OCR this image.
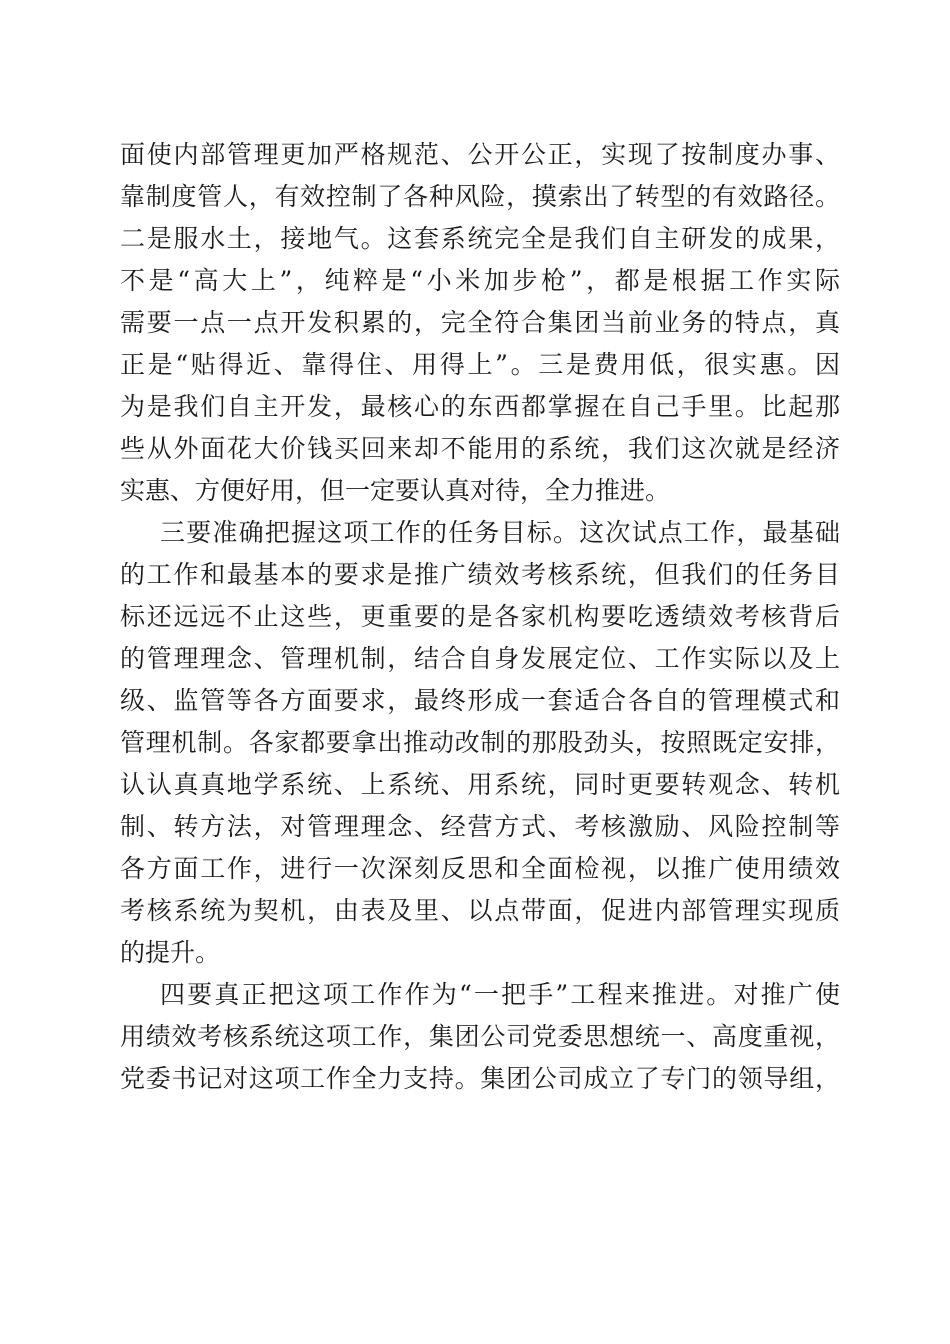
面使内部管理更加严格规范、公开公正，实现了按制度办事、
靠制度管人，有效控制了各种风险，摸索出了转型的有效路径。
二是服水土，接地气。这套系统完全是我们自主研发的成果，
不是“高大上”，纯粹是“小米加步枪”，都是根据工作实际
需要一点一点开发积累的，完全符合集团当前业务的特点，真
正是“贴得近、靠得住、用得上”。三是费用低，很实惠。因
为是我们自主开发，最核心的东西都掌握在自己手里。比起那
些从外面花大价钱买回来却不能用的系统，我们这次就是经济
实惠、方便好用，但一定要认真对待，全力推进。
三要准确把握这项工作的任务目标。这次试点工作，最基础
的工作和最基本的要求是推广绩效考核系统，但我们的任务目
标还远远不止这些，更重要的是各家机构要吃透绩效考核背后
的管理理念、管理机制，结合自身发展定位、工作实际以及上
级、监管等各方面要求，最终形成一套适合各自的管理模式和
管理机制。各家都要拿出推动改制的那股劲头，按照既定安排，
认认真真地学系统、上系统、用系统，同时更要转观念、转机
制、转方法，对管理理念、经营方式、考核激励、风险控制等
各方面工作，进行一次深刻反思和全面检视，以推广使用绩效
考核系统为契机，由表及里、以点带面，促进内部管理实现质
的提升。
四要真正把这项工作作为“一把手”工程来推进。对推广使
用绩效考核系统这项工作，集团公司党委思想统一、高度重视，
党委书记对这项工作全力支持。集团公司成立了专门的领导组，
